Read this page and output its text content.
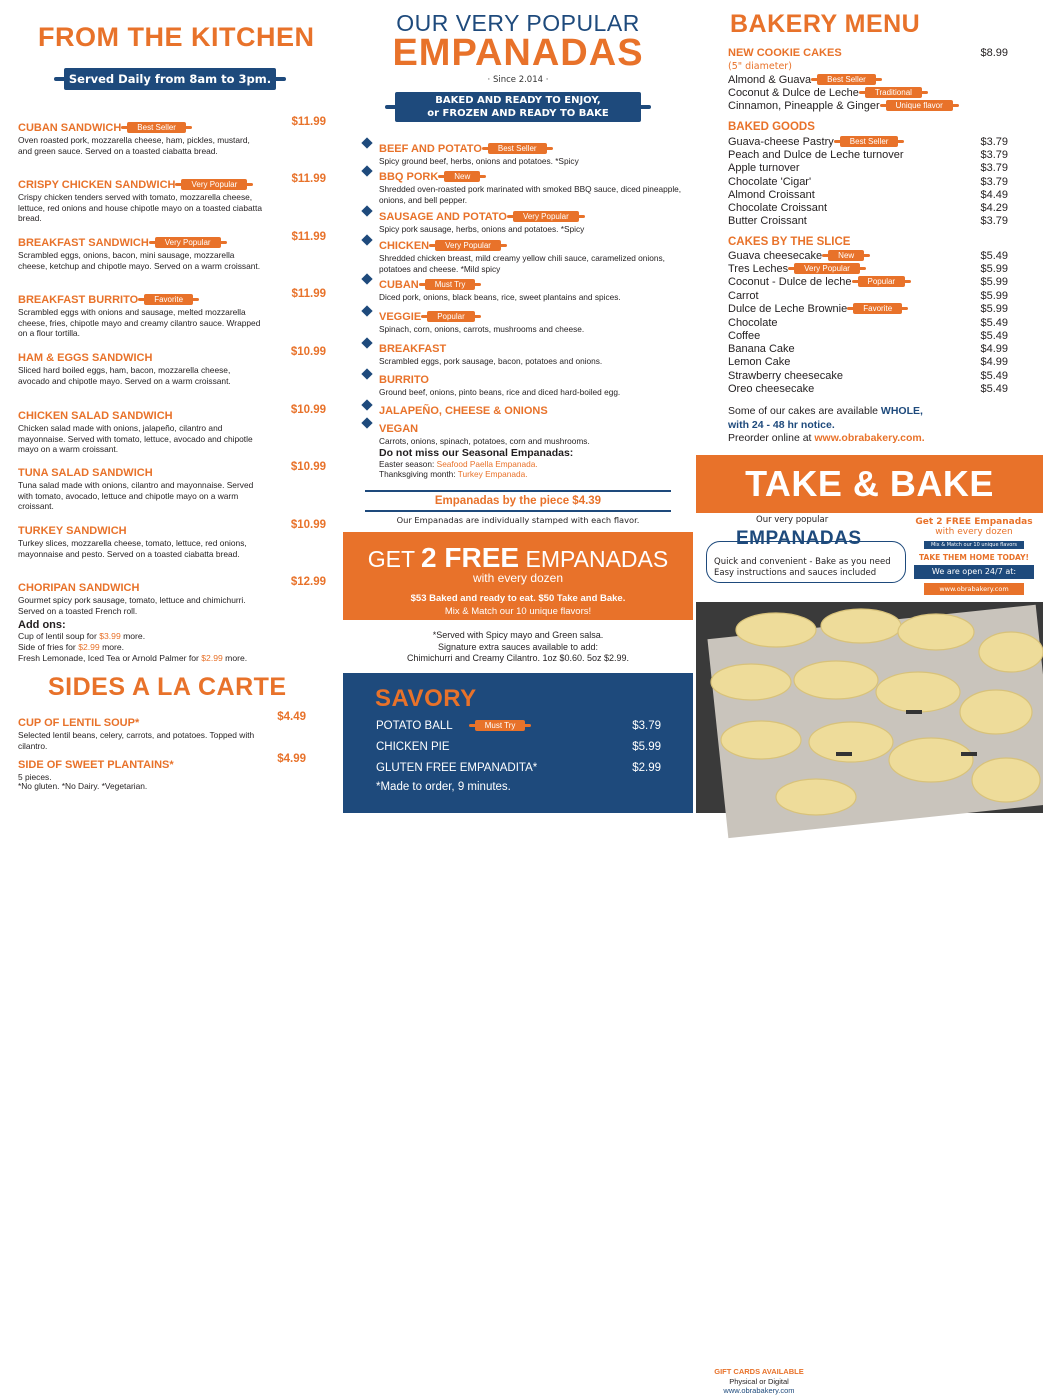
FROM THE KITCHEN
Served Daily from 8am to 3pm.
CUBAN SANDWICH Best Seller	$11.99
Oven roasted pork, mozzarella cheese, ham, pickles, mustard, and green sauce. Served on a toasted ciabatta bread.
CRISPY CHICKEN SANDWICH Very Popular	$11.99
Crispy chicken tenders served with tomato, mozzarella cheese, lettuce, red onions and house chipotle mayo on a toasted ciabatta bread.
BREAKFAST SANDWICH Very Popular	$11.99
Scrambled eggs, onions, bacon, mini sausage, mozzarella cheese, ketchup and chipotle mayo. Served on a warm croissant.
BREAKFAST BURRITO Favorite	$11.99
Scrambled eggs with onions and sausage, melted mozzarella cheese, fries, chipotle mayo and creamy cilantro sauce. Wrapped on a flour tortilla.
HAM & EGGS SANDWICH	$10.99
Sliced hard boiled eggs, ham, bacon, mozzarella cheese, avocado and chipotle mayo. Served on a warm croissant.
CHICKEN SALAD SANDWICH	$10.99
Chicken salad made with onions, jalapeño, cilantro and mayonnaise. Served with tomato, lettuce, avocado and chipotle mayo on a warm croissant.
TUNA SALAD SANDWICH	$10.99
Tuna salad made with onions, cilantro and mayonnaise. Served with tomato, avocado, lettuce and chipotle mayo on a warm croissant.
TURKEY SANDWICH	$10.99
Turkey slices, mozzarella cheese, tomato, lettuce, red onions, mayonnaise and pesto. Served on a toasted ciabatta bread.
CHORIPAN SANDWICH	$12.99
Gourmet spicy pork sausage, tomato, lettuce and chimichurri. Served on a toasted French roll.
Add ons:
Cup of lentil soup for $3.99 more.
Side of fries for $2.99 more.
Fresh Lemonade, Iced Tea or Arnold Palmer for $2.99 more.
SIDES A LA CARTE
CUP OF LENTIL SOUP*	$4.49
Selected lentil beans, celery, carrots, and potatoes. Topped with cilantro.
SIDE OF SWEET PLANTAINS*	$4.99
5 pieces.
*No gluten. *No Dairy. *Vegetarian.
OUR VERY POPULAR
EMPANADAS
· Since 2.014 ·
BAKED AND READY TO ENJOY,
or FROZEN AND READY TO BAKE
BEEF AND POTATO Best Seller
Spicy ground beef, herbs, onions and potatoes. *Spicy
BBQ PORK New
Shredded oven-roasted pork marinated with smoked BBQ sauce, diced pineapple, onions, and bell pepper.
SAUSAGE AND POTATO Very Popular
Spicy pork sausage, herbs, onions and potatoes. *Spicy
CHICKEN Very Popular
Shredded chicken breast, mild creamy yellow chili sauce, caramelized onions, potatoes and cheese. *Mild spicy
CUBAN Must Try
Diced pork, onions, black beans, rice, sweet plantains and spices.
VEGGIE Popular
Spinach, corn, onions, carrots, mushrooms and cheese.
BREAKFAST
Scrambled eggs, pork sausage, bacon, potatoes and onions.
BURRITO
Ground beef, onions, pinto beans, rice and diced hard-boiled egg.
JALAPEÑO, CHEESE & ONIONS
VEGAN
Carrots, onions, spinach, potatoes, corn and mushrooms.
Do not miss our Seasonal Empanadas:
Easter season: Seafood Paella Empanada.
Thanksgiving month: Turkey Empanada.
Empanadas by the piece $4.39
Our Empanadas are individually stamped with each flavor.
GET 2 FREE EMPANADAS
with every dozen
$53 Baked and ready to eat. $50 Take and Bake.
Mix & Match our 10 unique flavors!
*Served with Spicy mayo and Green salsa.
Signature extra sauces available to add:
Chimichurri and Creamy Cilantro. 1oz $0.60. 5oz $2.99.
SAVORY
POTATO BALL	Must Try	$3.79
CHICKEN PIE	$5.99
GLUTEN FREE EMPANADITA*	$2.99
*Made to order, 9 minutes.
BAKERY MENU
NEW COOKIE CAKES	$8.99
(5" diameter)
Almond & Guava Best Seller
Coconut & Dulce de Leche Traditional
Cinnamon, Pineapple & Ginger Unique flavor
BAKED GOODS
Guava-cheese Pastry Best Seller	$3.79
Peach and Dulce de Leche turnover	$3.79
Apple turnover	$3.79
Chocolate 'Cigar'	$3.79
Almond Croissant	$4.49
Chocolate Croissant	$4.29
Butter Croissant	$3.79
CAKES BY THE SLICE
Guava cheesecake New	$5.49
Tres Leches Very Popular	$5.99
Coconut - Dulce de leche Popular	$5.99
Carrot	$5.99
Dulce de Leche Brownie Favorite	$5.99
Chocolate	$5.49
Coffee	$5.49
Banana Cake	$4.99
Lemon Cake	$4.99
Strawberry cheesecake	$5.49
Oreo cheesecake	$5.49
Some of our cakes are available WHOLE,
with 24 - 48 hr notice.
Preorder online at www.obrabakery.com.
TAKE & BAKE
Our very popular
EMPANADAS
Quick and convenient - Bake as you need
Easy instructions and sauces included
Get 2 FREE Empanadas
with every dozen
Mix & Match our 10 unique flavors
TAKE THEM HOME TODAY!
We are open 24/7 at:
www.obrabakery.com
GIFT CARDS AVAILABLE
Physical or Digital
www.obrabakery.com
